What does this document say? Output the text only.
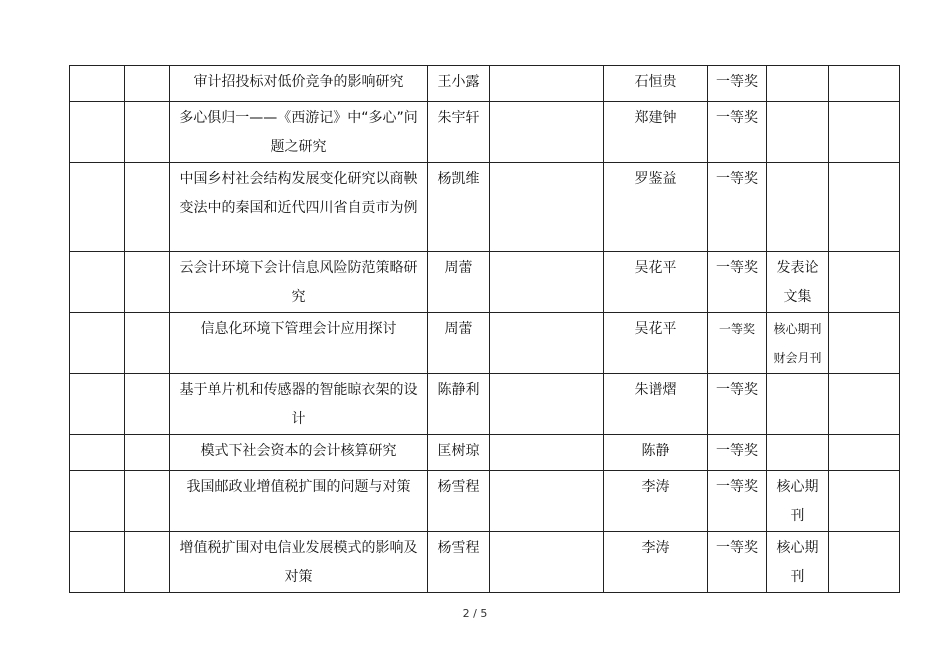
		审计招投标对低价竞争的影响研究	王小露		石恒贵	一等奖		
		多心俱归一——《西游记》中“多心”问题之研究	朱宇轩		郑建钟	一等奖		
		中国乡村社会结构发展变化研究以商鞅变法中的秦国和近代四川省自贡市为例	杨凯维		罗鉴益	一等奖		
		云会计环境下会计信息风险防范策略研究	周蕾		吴花平	一等奖	发表论文集	
		信息化环境下管理会计应用探讨	周蕾		吴花平	一等奖	核心期刊财会月刊	
		基于单片机和传感器的智能晾衣架的设计	陈静利		朱谱熠	一等奖		
		模式下社会资本的会计核算研究	匡树琼		陈静	一等奖		
		我国邮政业增值税扩围的问题与对策	杨雪程		李涛	一等奖	核心期刊	
		增值税扩围对电信业发展模式的影响及对策	杨雪程		李涛	一等奖	核心期刊	
2 / 5
